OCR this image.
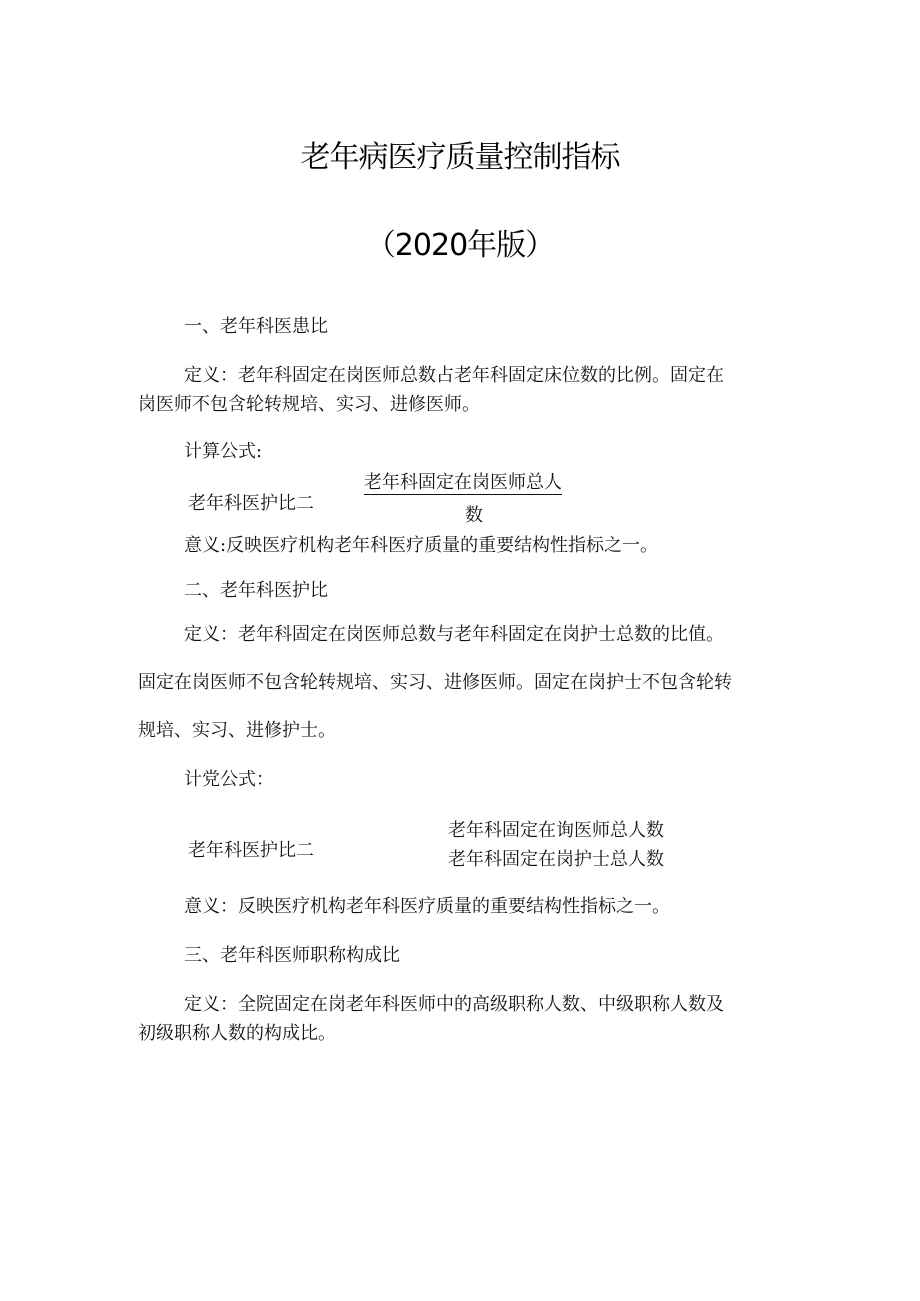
老年病医疗质量控制指标
（2020年版）
一、老年科医患比
定义：老年科固定在岗医师总数占老年科固定床位数的比例。固定在
岗医师不包含轮转规培、实习、进修医师。
计算公式:
老年科医护比二
老年科固定在岗医师总人
数
意义:反映医疗机构老年科医疗质量的重要结构性指标之一。
二、老年科医护比
定义：老年科固定在岗医师总数与老年科固定在岗护士总数的比值。
固定在岗医师不包含轮转规培、实习、进修医师。固定在岗护士不包含轮转
规培、实习、进修护士。
计党公式：
老年科医护比二
老年科固定在询医师总人数
老年科固定在岗护士总人数
意义：反映医疗机构老年科医疗质量的重要结构性指标之一。
三、老年科医师职称构成比
定义：全院固定在岗老年科医师中的高级职称人数、中级职称人数及
初级职称人数的构成比。
